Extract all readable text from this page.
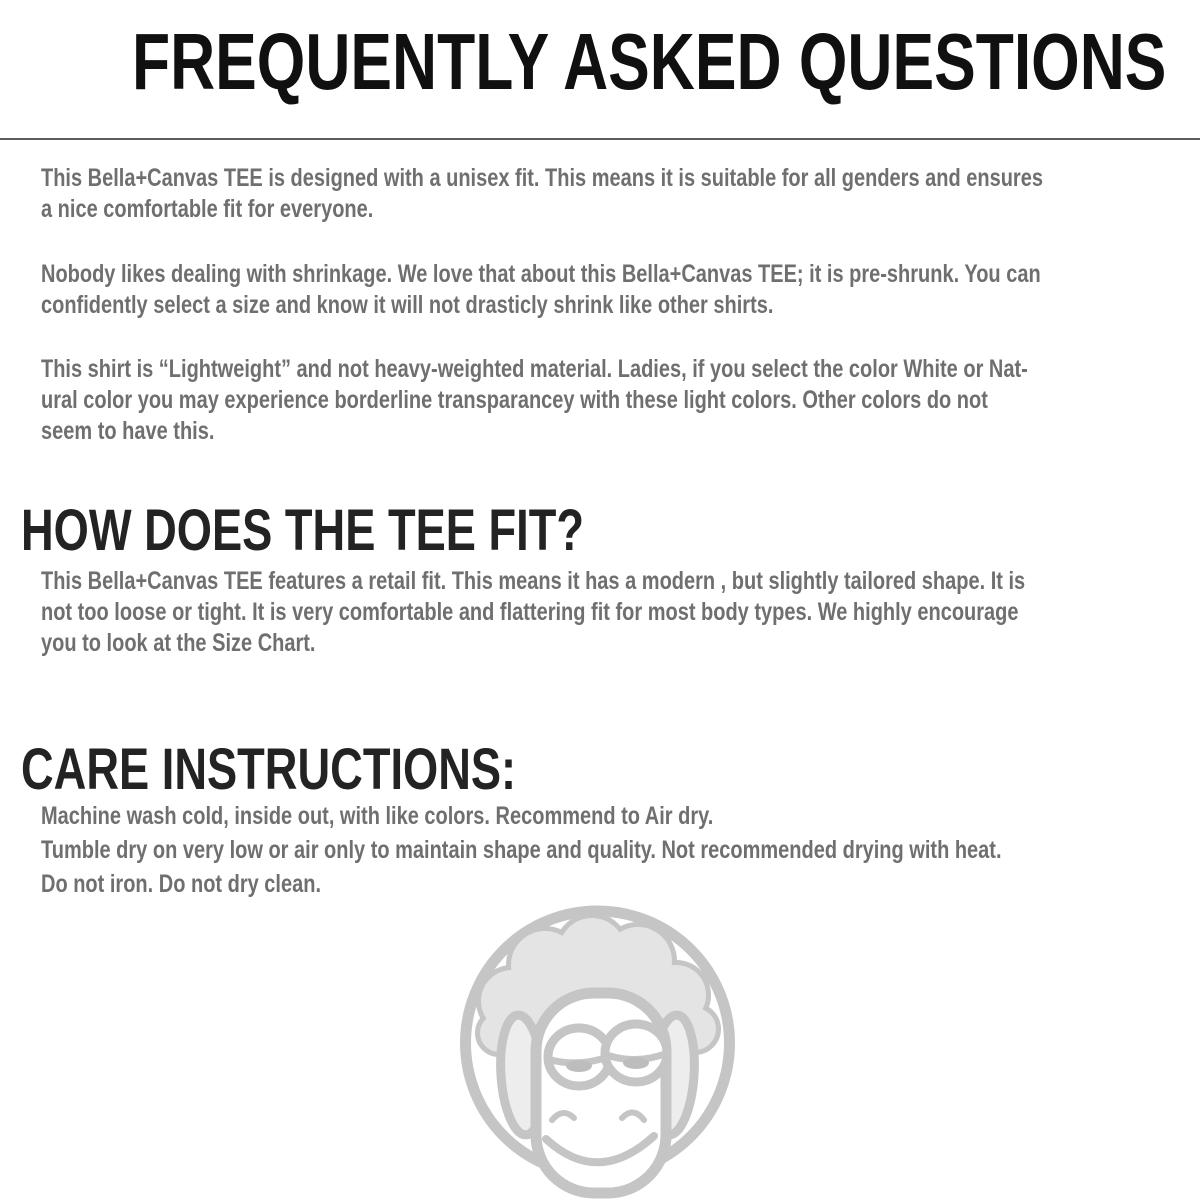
FREQUENTLY ASKED QUESTIONS
This Bella+Canvas TEE is designed with a unisex fit. This means it is suitable for all genders and ensures
a nice comfortable fit for everyone.
Nobody likes dealing with shrinkage. We love that about this Bella+Canvas TEE; it is pre-shrunk. You can
confidently select a size and know it will not drasticly shrink like other shirts.
This shirt is “Lightweight” and not heavy-weighted material. Ladies, if you select the color White or Nat-
ural color you may experience borderline transparancey with these light colors. Other colors do not
seem to have this.
HOW DOES THE TEE FIT?
This Bella+Canvas TEE features a retail fit. This means it has a modern , but slightly tailored shape. It is
not too loose or tight. It is very comfortable and flattering fit for most body types. We highly encourage
you to look at the Size Chart.
CARE INSTRUCTIONS:
Machine wash cold, inside out, with like colors. Recommend to Air dry.
Tumble dry on very low or air only to maintain shape and quality. Not recommended drying with heat.
Do not iron. Do not dry clean.
